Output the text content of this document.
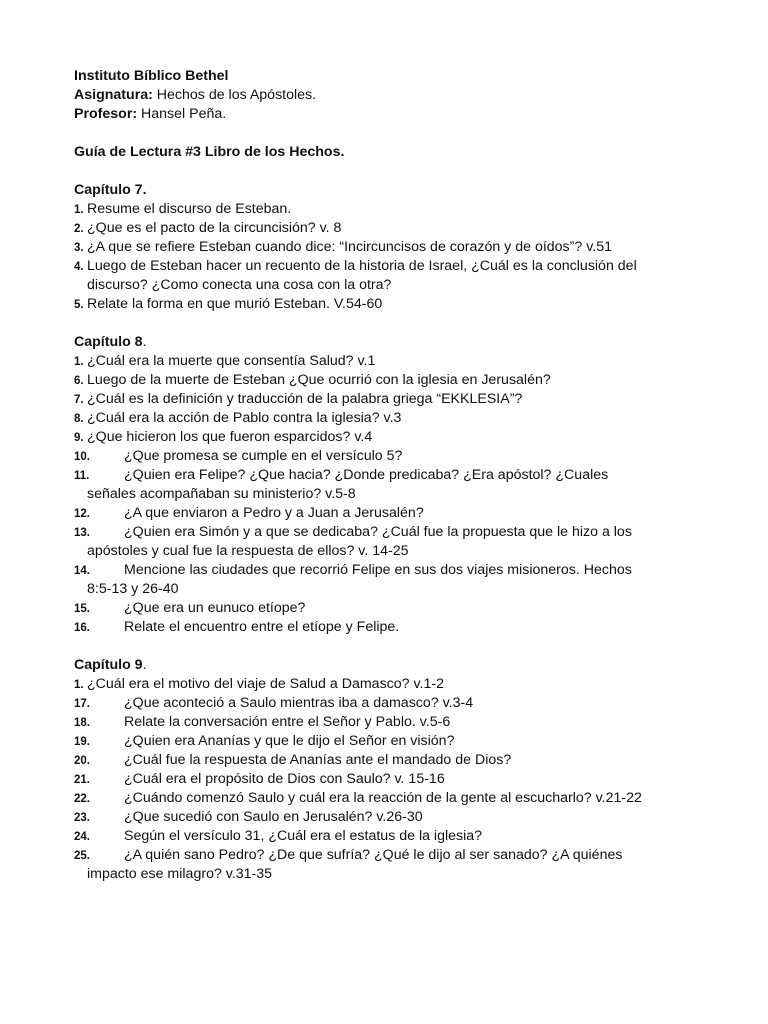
Instituto Bíblico Bethel
Asignatura: Hechos de los Apóstoles.
Profesor: Hansel Peña.
Guía de Lectura #3 Libro de los Hechos.
Capítulo 7.
1. Resume el discurso de Esteban.
2. ¿Que es el pacto de la circuncisión? v. 8
3. ¿A que se refiere Esteban cuando dice: “Incircuncisos de corazón y de oídos”? v.51
4. Luego de Esteban hacer un recuento de la historia de Israel, ¿Cuál es la conclusión del
discurso? ¿Como conecta una cosa con la otra?
5. Relate la forma en que murió Esteban. V.54-60
Capítulo 8.
1. ¿Cuál era la muerte que consentía Salud? v.1
6. Luego de la muerte de Esteban ¿Que ocurrió con la iglesia en Jerusalén?
7. ¿Cuál es la definición y traducción de la palabra griega “EKKLESIA”?
8. ¿Cuál era la acción de Pablo contra la iglesia? v.3
9. ¿Que hicieron los que fueron esparcidos? v.4
10.	¿Que promesa se cumple en el versículo 5?
11.	¿Quien era Felipe? ¿Que hacia? ¿Donde predicaba? ¿Era apóstol? ¿Cuales
señales acompañaban su ministerio? v.5-8
12.	¿A que enviaron a Pedro y a Juan a Jerusalén?
13.	¿Quien era Simón y a que se dedicaba? ¿Cuál fue la propuesta que le hizo a los
apóstoles y cual fue la respuesta de ellos? v. 14-25
14.	Mencione las ciudades que recorrió Felipe en sus dos viajes misioneros. Hechos
8:5-13 y 26-40
15.	¿Que era un eunuco etíope?
16.	Relate el encuentro entre el etíope y Felipe.
Capítulo 9.
1. ¿Cuál era el motivo del viaje de Salud a Damasco? v.1-2
17.	¿Que aconteció a Saulo mientras iba a damasco? v.3-4
18.	Relate la conversación entre el Señor y Pablo. v.5-6
19.	¿Quien era Ananías y que le dijo el Señor en visión?
20.	¿Cuál fue la respuesta de Ananías ante el mandado de Dios?
21.	¿Cuál era el propósito de Dios con Saulo? v. 15-16
22.	¿Cuándo comenzó Saulo y cuál era la reacción de la gente al escucharlo? v.21-22
23.	¿Que sucedió con Saulo en Jerusalén? v.26-30
24.	Según el versículo 31, ¿Cuál era el estatus de la iglesia?
25.	¿A quién sano Pedro? ¿De que sufría? ¿Qué le dijo al ser sanado? ¿A quiénes
impacto ese milagro? v.31-35
